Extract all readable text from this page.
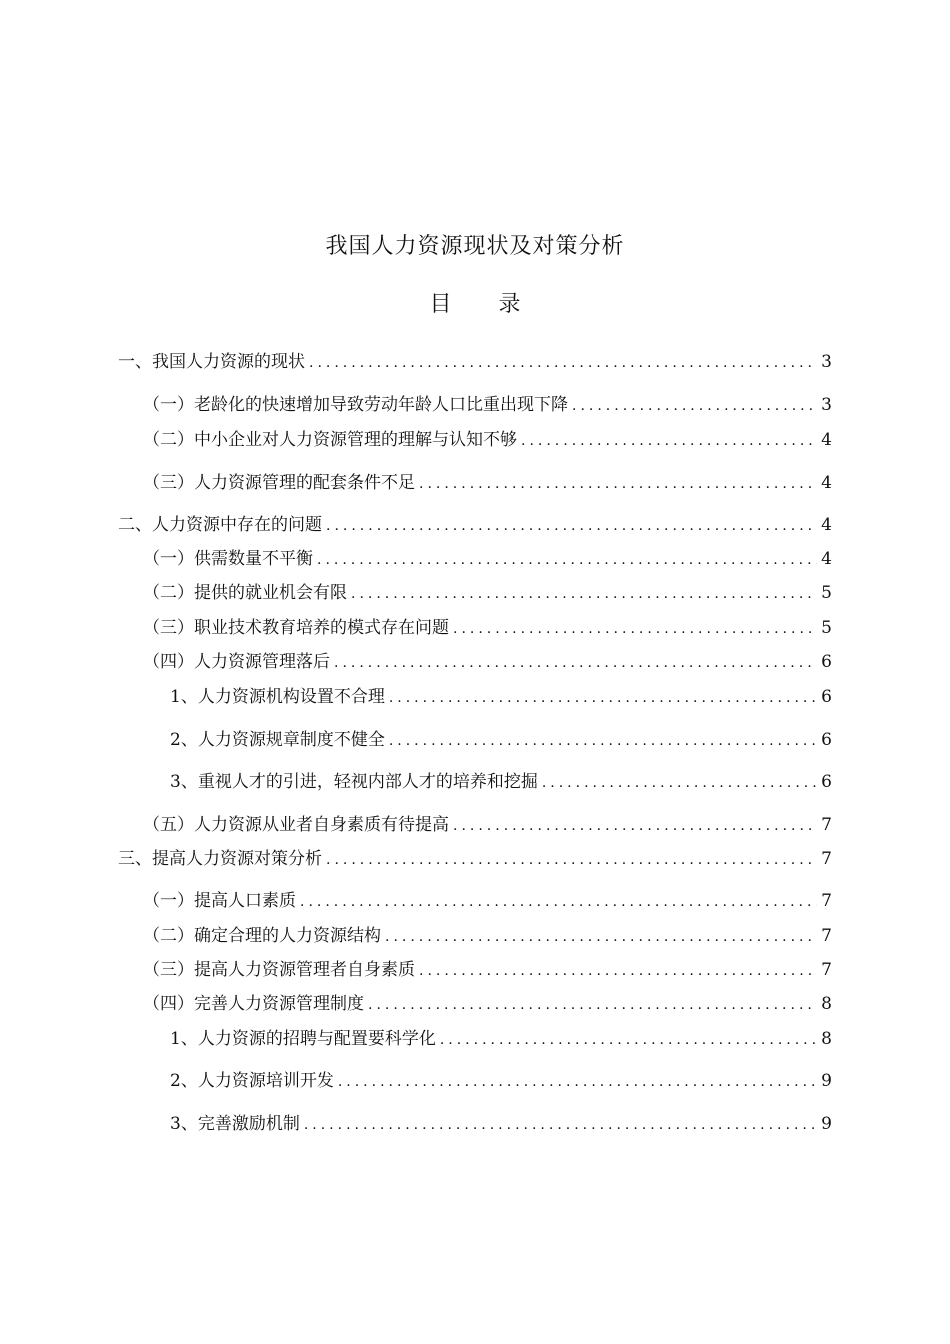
我国人力资源现状及对策分析
目 录
一、我国人力资源的现状 .....	3
（一）老龄化的快速增加导致劳动年龄人口比重出现下降 .....	3
（二）中小企业对人力资源管理的理解与认知不够 .....	4
（三）人力资源管理的配套条件不足 .....	4
二、人力资源中存在的问题 .....	4
（一）供需数量不平衡 .....	4
（二）提供的就业机会有限 .....	5
（三）职业技术教育培养的模式存在问题 .....	5
（四）人力资源管理落后 .....	6
1、人力资源机构设置不合理 .....	6
2、人力资源规章制度不健全 .....	6
3、重视人才的引进，轻视内部人才的培养和挖掘 .....	6
（五）人力资源从业者自身素质有待提高 .....	7
三、提高人力资源对策分析 .....	7
（一）提高人口素质 .....	7
（二）确定合理的人力资源结构 .....	7
（三）提高人力资源管理者自身素质 .....	7
（四）完善人力资源管理制度 .....	8
1、人力资源的招聘与配置要科学化 .....	8
2、人力资源培训开发 .....	9
3、完善激励机制 .....	9
